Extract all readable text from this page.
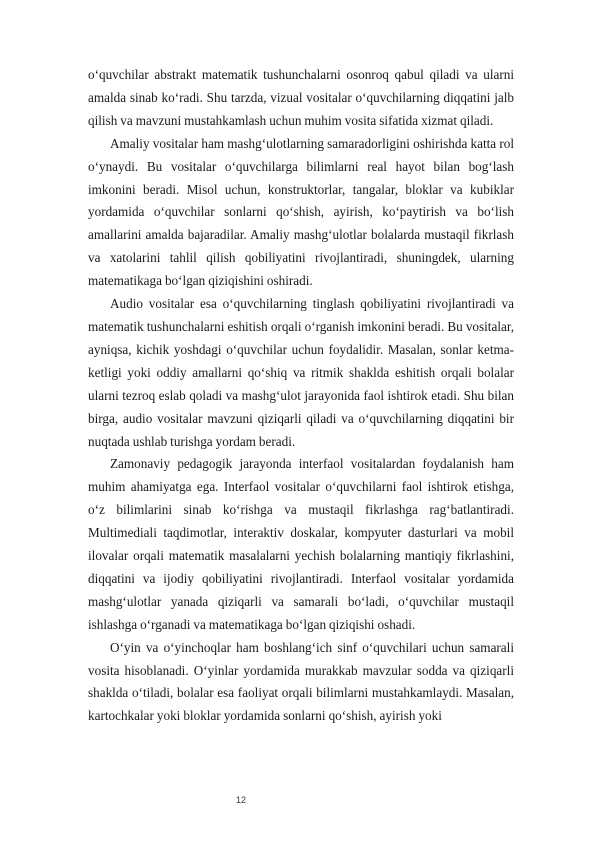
o‘quvchilar abstrakt matematik tushunchalarni osonroq qabul qiladi va ularni amalda sinab ko‘radi. Shu tarzda, vizual vositalar o‘quvchilarning diqqatini jalb qilish va mavzuni mustahkamlash uchun muhim vosita sifatida xizmat qiladi.

Amaliy vositalar ham mashg‘ulotlarning samaradorligini oshirishda katta rol o‘ynaydi. Bu vositalar o‘quvchilarga bilimlarni real hayot bilan bog‘lash imkonini beradi. Misol uchun, konstruktorlar, tangalar, bloklar va kubiklar yordamida o‘quvchilar sonlarni qo‘shish, ayirish, ko‘paytirish va bo‘lish amallarini amalda bajaradilar. Amaliy mashg‘ulotlar bolalarda mustaqil fikrlash va xatolarini tahlil qilish qobiliyatini rivojlantiradi, shuningdek, ularning matematikaga bo‘lgan qiziqishini oshiradi.

Audio vositalar esa o‘quvchilarning tinglash qobiliyatini rivojlantiradi va matematik tushunchalarni eshitish orqali o‘rganish imkonini beradi. Bu vositalar, ayniqsa, kichik yoshdagi o‘quvchilar uchun foydalidir. Masalan, sonlar ketma-ketligi yoki oddiy amallarni qo‘shiq va ritmik shaklda eshitish orqali bolalar ularni tezroq eslab qoladi va mashg‘ulot jarayonida faol ishtirok etadi. Shu bilan birga, audio vositalar mavzuni qiziqarli qiladi va o‘quvchilarning diqqatini bir nuqtada ushlab turishga yordam beradi.

Zamonaviy pedagogik jarayonda interfaol vositalardan foydalanish ham muhim ahamiyatga ega. Interfaol vositalar o‘quvchilarni faol ishtirok etishga, o‘z bilimlarini sinab ko‘rishga va mustaqil fikrlashga rag‘batlantiradi. Multimediali taqdimotlar, interaktiv doskalar, kompyuter dasturlari va mobil ilovalar orqali matematik masalalarni yechish bolalarning mantiqiy fikrlashini, diqqatini va ijodiy qobiliyatini rivojlantiradi. Interfaol vositalar yordamida mashg‘ulotlar yanada qiziqarli va samarali bo‘ladi, o‘quvchilar mustaqil ishlashga o‘rganadi va matematikaga bo‘lgan qiziqishi oshadi.

O‘yin va o‘yinchoqlar ham boshlang‘ich sinf o‘quvchilari uchun samarali vosita hisoblanadi. O‘yinlar yordamida murakkab mavzular sodda va qiziqarli shaklda o‘tiladi, bolalar esa faoliyat orqali bilimlarni mustahkamlaydi. Masalan, kartochkalar yoki bloklar yordamida sonlarni qo‘shish, ayirish yoki

12
